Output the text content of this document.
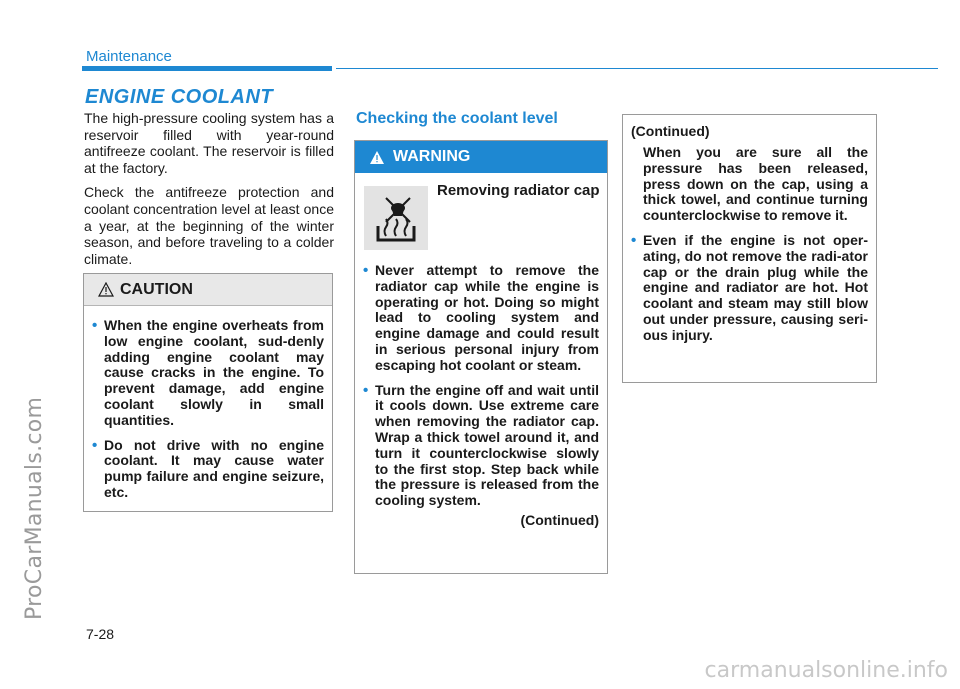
ProCarManuals.com
carmanualsonline.info
Maintenance
ENGINE COOLANT

The high-pressure cooling system has a reservoir filled with year-round antifreeze coolant. The reservoir is filled at the factory.

Check the antifreeze protection and coolant concentration level at least once a year, at the beginning of the winter season, and before traveling to a colder climate.

CAUTION
• When the engine overheats from low engine coolant, sud-denly adding engine coolant may cause cracks in the engine. To prevent damage, add engine coolant slowly in small quantities.
• Do not drive with no engine coolant. It may cause water pump failure and engine seizure, etc.
Checking the coolant level
WARNING
Removing radiator cap
• Never attempt to remove the radiator cap while the engine is operating or hot. Doing so might lead to cooling system and engine damage and could result in serious personal injury from escaping hot coolant or steam.
• Turn the engine off and wait until it cools down. Use extreme care when removing the radiator cap. Wrap a thick towel around it, and turn it counterclockwise slowly to the first stop. Step back while the pressure is released from the cooling system.
(Continued)
(Continued)
When you are sure all the pressure has been released, press down on the cap, using a thick towel, and continue turning counterclockwise to remove it.
• Even if the engine is not oper-ating, do not remove the radi-ator cap or the drain plug while the engine and radiator are hot. Hot coolant and steam may still blow out under pressure, causing seri-ous injury.
7-28
